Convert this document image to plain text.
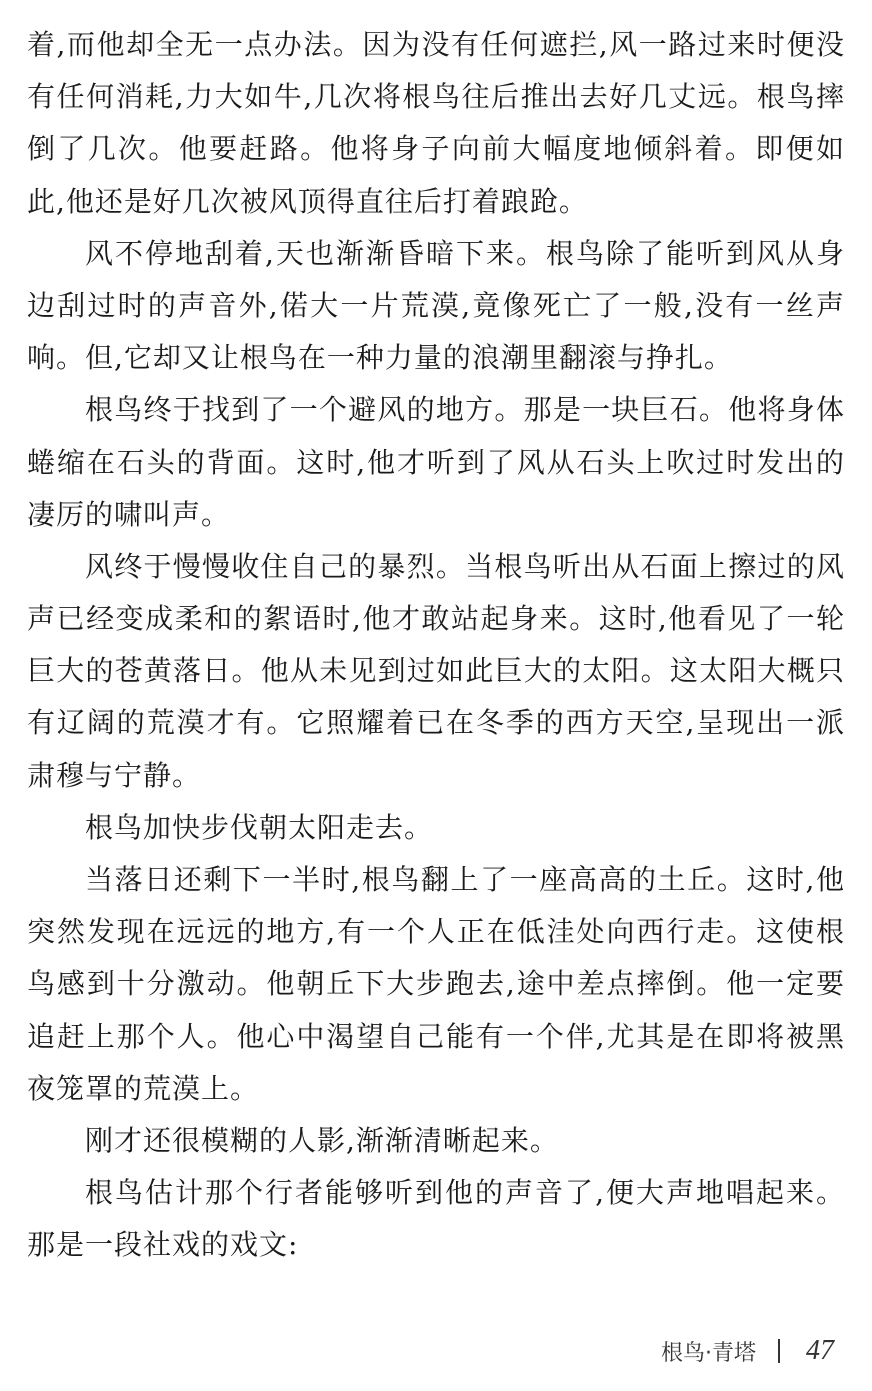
着,而他却全无一点办法。因为没有任何遮拦,风一路过来时便没
有任何消耗,力大如牛,几次将根鸟往后推出去好几丈远。根鸟摔
倒了几次。他要赶路。他将身子向前大幅度地倾斜着。即便如
此,他还是好几次被风顶得直往后打着踉跄。
风不停地刮着,天也渐渐昏暗下来。根鸟除了能听到风从身
边刮过时的声音外,偌大一片荒漠,竟像死亡了一般,没有一丝声
响。但,它却又让根鸟在一种力量的浪潮里翻滚与挣扎。
根鸟终于找到了一个避风的地方。那是一块巨石。他将身体
蜷缩在石头的背面。这时,他才听到了风从石头上吹过时发出的
凄厉的啸叫声。
风终于慢慢收住自己的暴烈。当根鸟听出从石面上擦过的风
声已经变成柔和的絮语时,他才敢站起身来。这时,他看见了一轮
巨大的苍黄落日。他从未见到过如此巨大的太阳。这太阳大概只
有辽阔的荒漠才有。它照耀着已在冬季的西方天空,呈现出一派
肃穆与宁静。
根鸟加快步伐朝太阳走去。
当落日还剩下一半时,根鸟翻上了一座高高的土丘。这时,他
突然发现在远远的地方,有一个人正在低洼处向西行走。这使根
鸟感到十分激动。他朝丘下大步跑去,途中差点摔倒。他一定要
追赶上那个人。他心中渴望自己能有一个伴,尤其是在即将被黑
夜笼罩的荒漠上。
刚才还很模糊的人影,渐渐清晰起来。
根鸟估计那个行者能够听到他的声音了,便大声地唱起来。
那是一段社戏的戏文:
根鸟·青塔 47
